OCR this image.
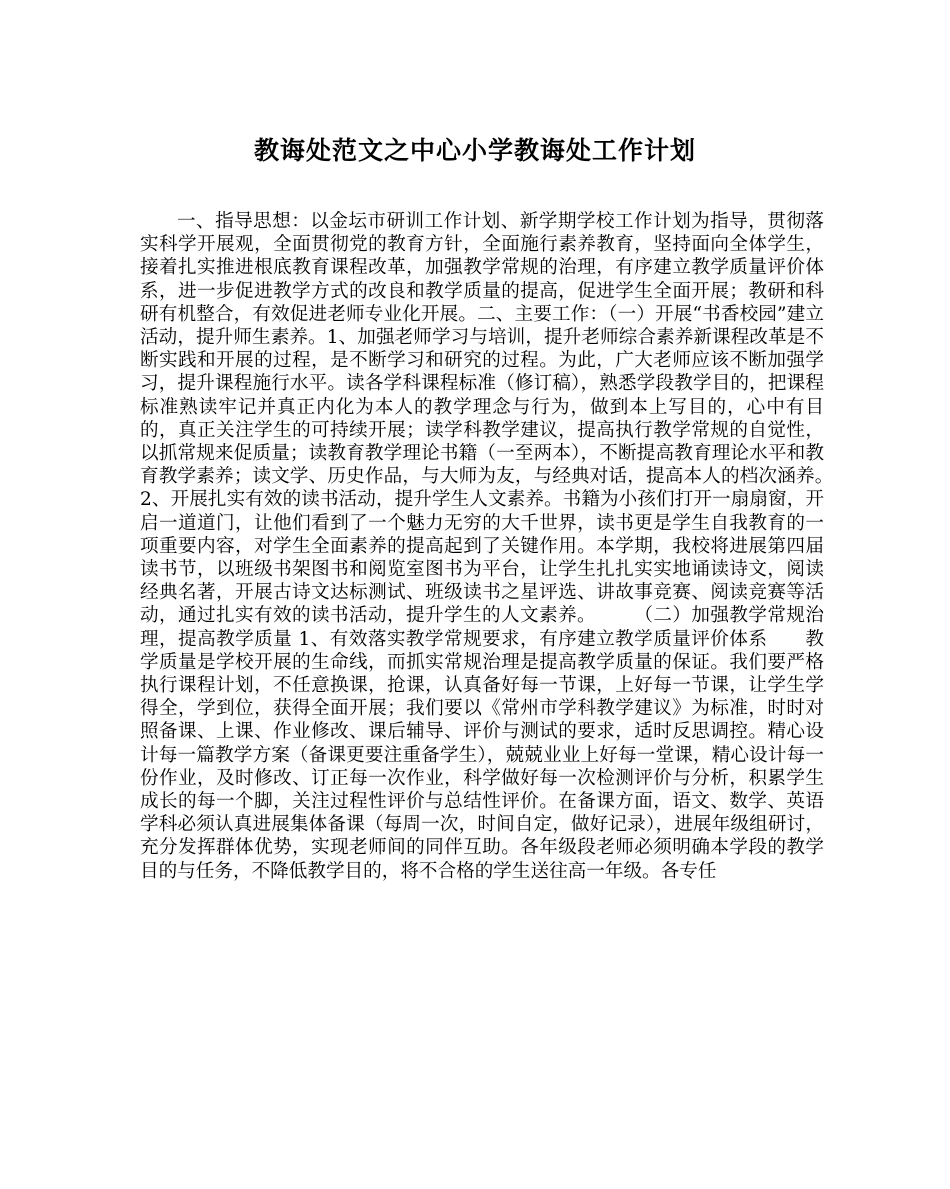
教诲处范文之中心小学教诲处工作计划

一、指导思想：以金坛市研训工作计划、新学期学校工作计划为指导，贯彻落实科学开展观，全面贯彻党的教育方针，全面施行素养教育，坚持面向全体学生，接着扎实推进根底教育课程改革，加强教学常规的治理，有序建立教学质量评价体系，进一步促进教学方式的改良和教学质量的提高，促进学生全面开展；教研和科研有机整合，有效促进老师专业化开展。二、主要工作：（一）开展“书香校园”建立活动，提升师生素养。1、加强老师学习与培训，提升老师综合素养新课程改革是不断实践和开展的过程，是不断学习和研究的过程。为此，广大老师应该不断加强学习，提升课程施行水平。读各学科课程标准（修订稿），熟悉学段教学目的，把课程标准熟读牢记并真正内化为本人的教学理念与行为，做到本上写目的，心中有目的，真正关注学生的可持续开展；读学科教学建议，提高执行教学常规的自觉性，以抓常规来促质量；读教育教学理论书籍（一至两本），不断提高教育理论水平和教育教学素养；读文学、历史作品，与大师为友，与经典对话，提高本人的档次涵养。　　　　　　2、开展扎实有效的读书活动，提升学生人文素养。书籍为小孩们打开一扇扇窗，开启一道道门，让他们看到了一个魅力无穷的大千世界，读书更是学生自我教育的一项重要内容，对学生全面素养的提高起到了关键作用。本学期，我校将进展第四届读书节，以班级书架图书和阅览室图书为平台，让学生扎扎实实地诵读诗文，阅读经典名著，开展古诗文达标测试、班级读书之星评选、讲故事竞赛、阅读竞赛等活动，通过扎实有效的读书活动，提升学生的人文素养。　　　（二）加强教学常规治理，提高教学质量 1、有效落实教学常规要求，有序建立教学质量评价体系　　教学质量是学校开展的生命线，而抓实常规治理是提高教学质量的保证。我们要严格执行课程计划，不任意换课，抢课，认真备好每一节课，上好每一节课，让学生学得全，学到位，获得全面开展；我们要以《常州市学科教学建议》为标准，时时对照备课、上课、作业修改、课后辅导、评价与测试的要求，适时反思调控。精心设计每一篇教学方案（备课更要注重备学生），兢兢业业上好每一堂课，精心设计每一份作业，及时修改、订正每一次作业，科学做好每一次检测评价与分析，积累学生成长的每一个脚，关注过程性评价与总结性评价。在备课方面，语文、数学、英语学科必须认真进展集体备课（每周一次，时间自定，做好记录），进展年级组研讨，充分发挥群体优势，实现老师间的同伴互助。各年级段老师必须明确本学段的教学目的与任务，不降低教学目的，将不合格的学生送往高一年级。各专任
